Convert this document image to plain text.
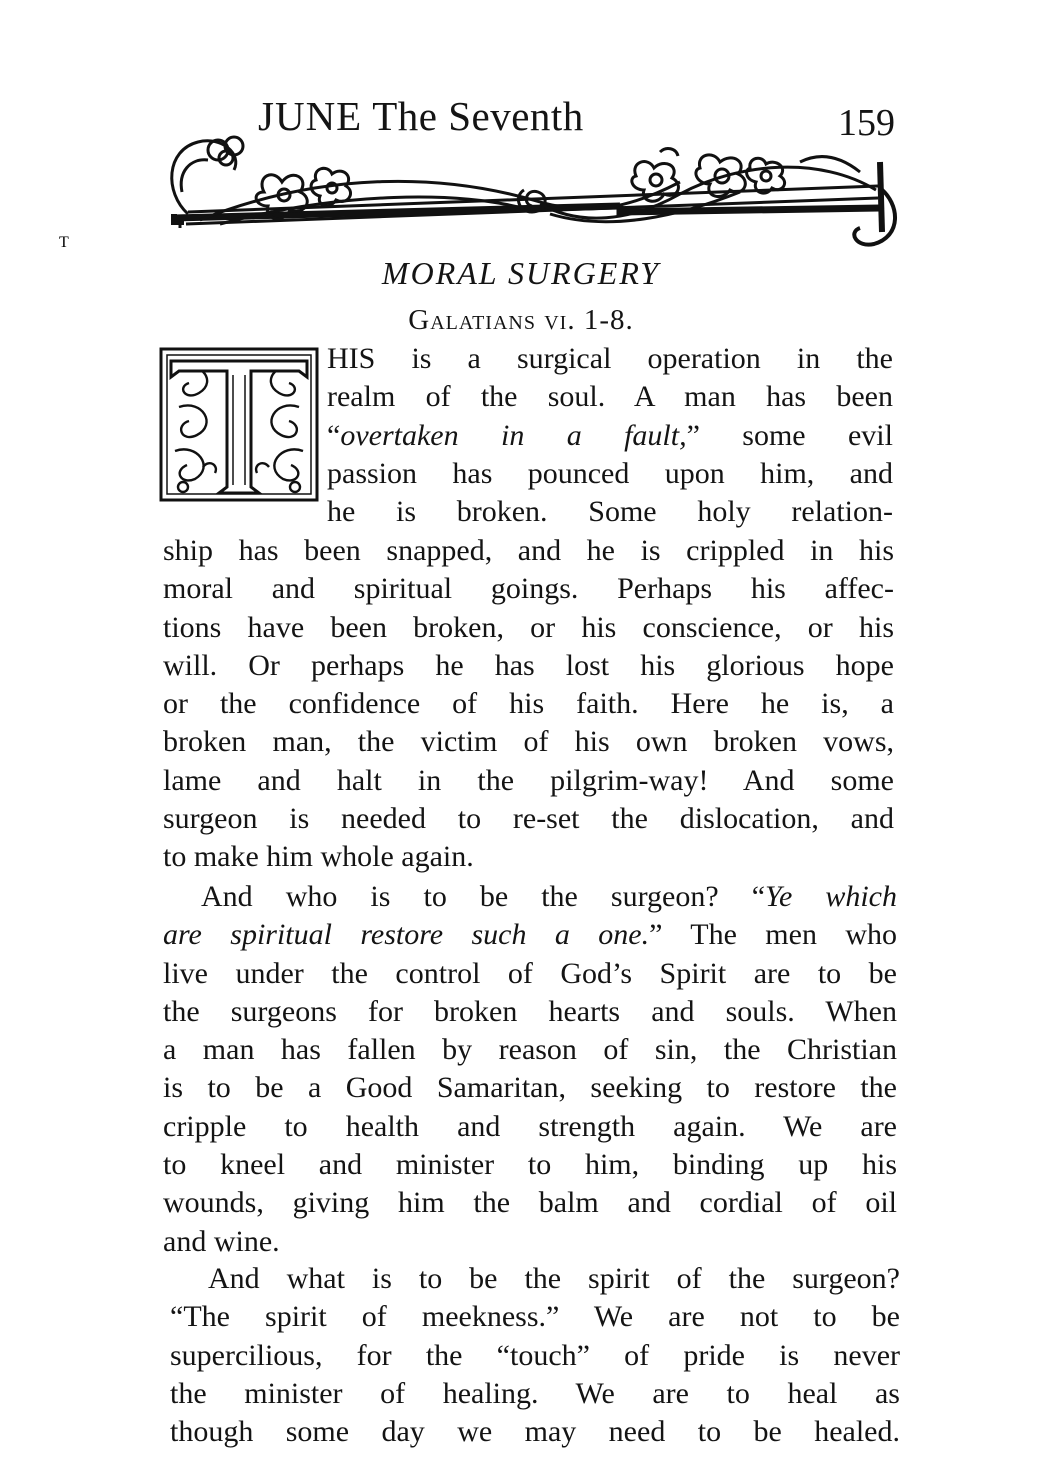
JUNE The Seventh	159
MORAL SURGERY
Galatians vi. 1-8.
T
HIS is a surgical operation in the
realm of the soul. A man has been
“overtaken in a fault,” some evil
passion has pounced upon him, and
he is broken. Some holy relation-
ship has been snapped, and he is crippled in his
moral and spiritual goings. Perhaps his affec-
tions have been broken, or his conscience, or his
will. Or perhaps he has lost his glorious hope
or the confidence of his faith. Here he is, a
broken man, the victim of his own broken vows,
lame and halt in the pilgrim-way! And some
surgeon is needed to re-set the dislocation, and
to make him whole again.
And who is to be the surgeon? “Ye which
are spiritual restore such a one.” The men who
live under the control of God’s Spirit are to be
the surgeons for broken hearts and souls. When
a man has fallen by reason of sin, the Christian
is to be a Good Samaritan, seeking to restore the
cripple to health and strength again. We are
to kneel and minister to him, binding up his
wounds, giving him the balm and cordial of oil
and wine.
And what is to be the spirit of the surgeon?
“The spirit of meekness.” We are not to be
supercilious, for the “touch” of pride is never
the minister of healing. We are to heal as
though some day we may need to be healed.
